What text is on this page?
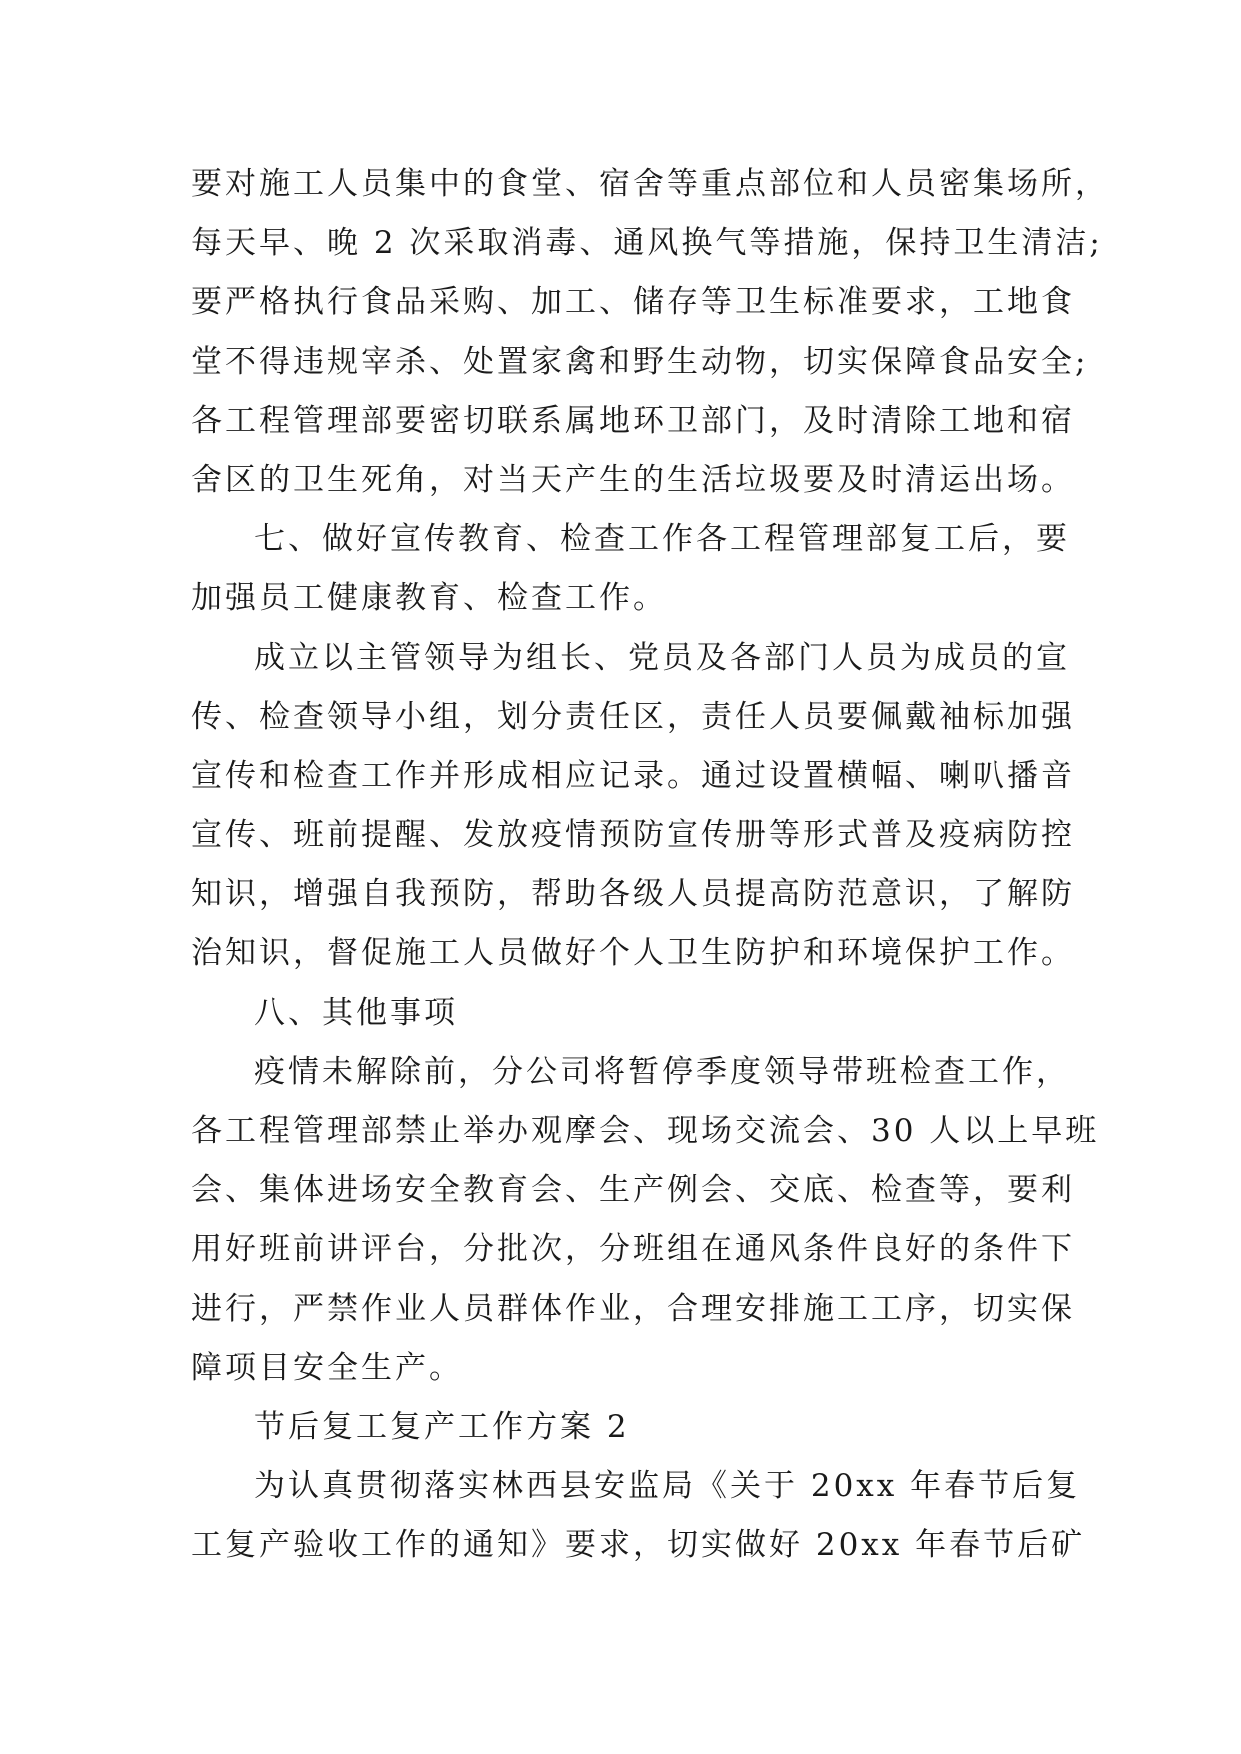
要对施工人员集中的食堂、宿舍等重点部位和人员密集场所，
每天早、晚 2 次采取消毒、通风换气等措施，保持卫生清洁;
要严格执行食品采购、加工、储存等卫生标准要求，工地食
堂不得违规宰杀、处置家禽和野生动物，切实保障食品安全;
各工程管理部要密切联系属地环卫部门，及时清除工地和宿
舍区的卫生死角，对当天产生的生活垃圾要及时清运出场。
七、做好宣传教育、检查工作各工程管理部复工后，要
加强员工健康教育、检查工作。
成立以主管领导为组长、党员及各部门人员为成员的宣
传、检查领导小组，划分责任区，责任人员要佩戴袖标加强
宣传和检查工作并形成相应记录。通过设置横幅、喇叭播音
宣传、班前提醒、发放疫情预防宣传册等形式普及疫病防控
知识，增强自我预防，帮助各级人员提高防范意识，了解防
治知识，督促施工人员做好个人卫生防护和环境保护工作。
八、其他事项
疫情未解除前，分公司将暂停季度领导带班检查工作，
各工程管理部禁止举办观摩会、现场交流会、30 人以上早班
会、集体进场安全教育会、生产例会、交底、检查等，要利
用好班前讲评台，分批次，分班组在通风条件良好的条件下
进行，严禁作业人员群体作业，合理安排施工工序，切实保
障项目安全生产。
节后复工复产工作方案 2
为认真贯彻落实林西县安监局《关于 20xx 年春节后复
工复产验收工作的通知》要求，切实做好 20xx 年春节后矿
